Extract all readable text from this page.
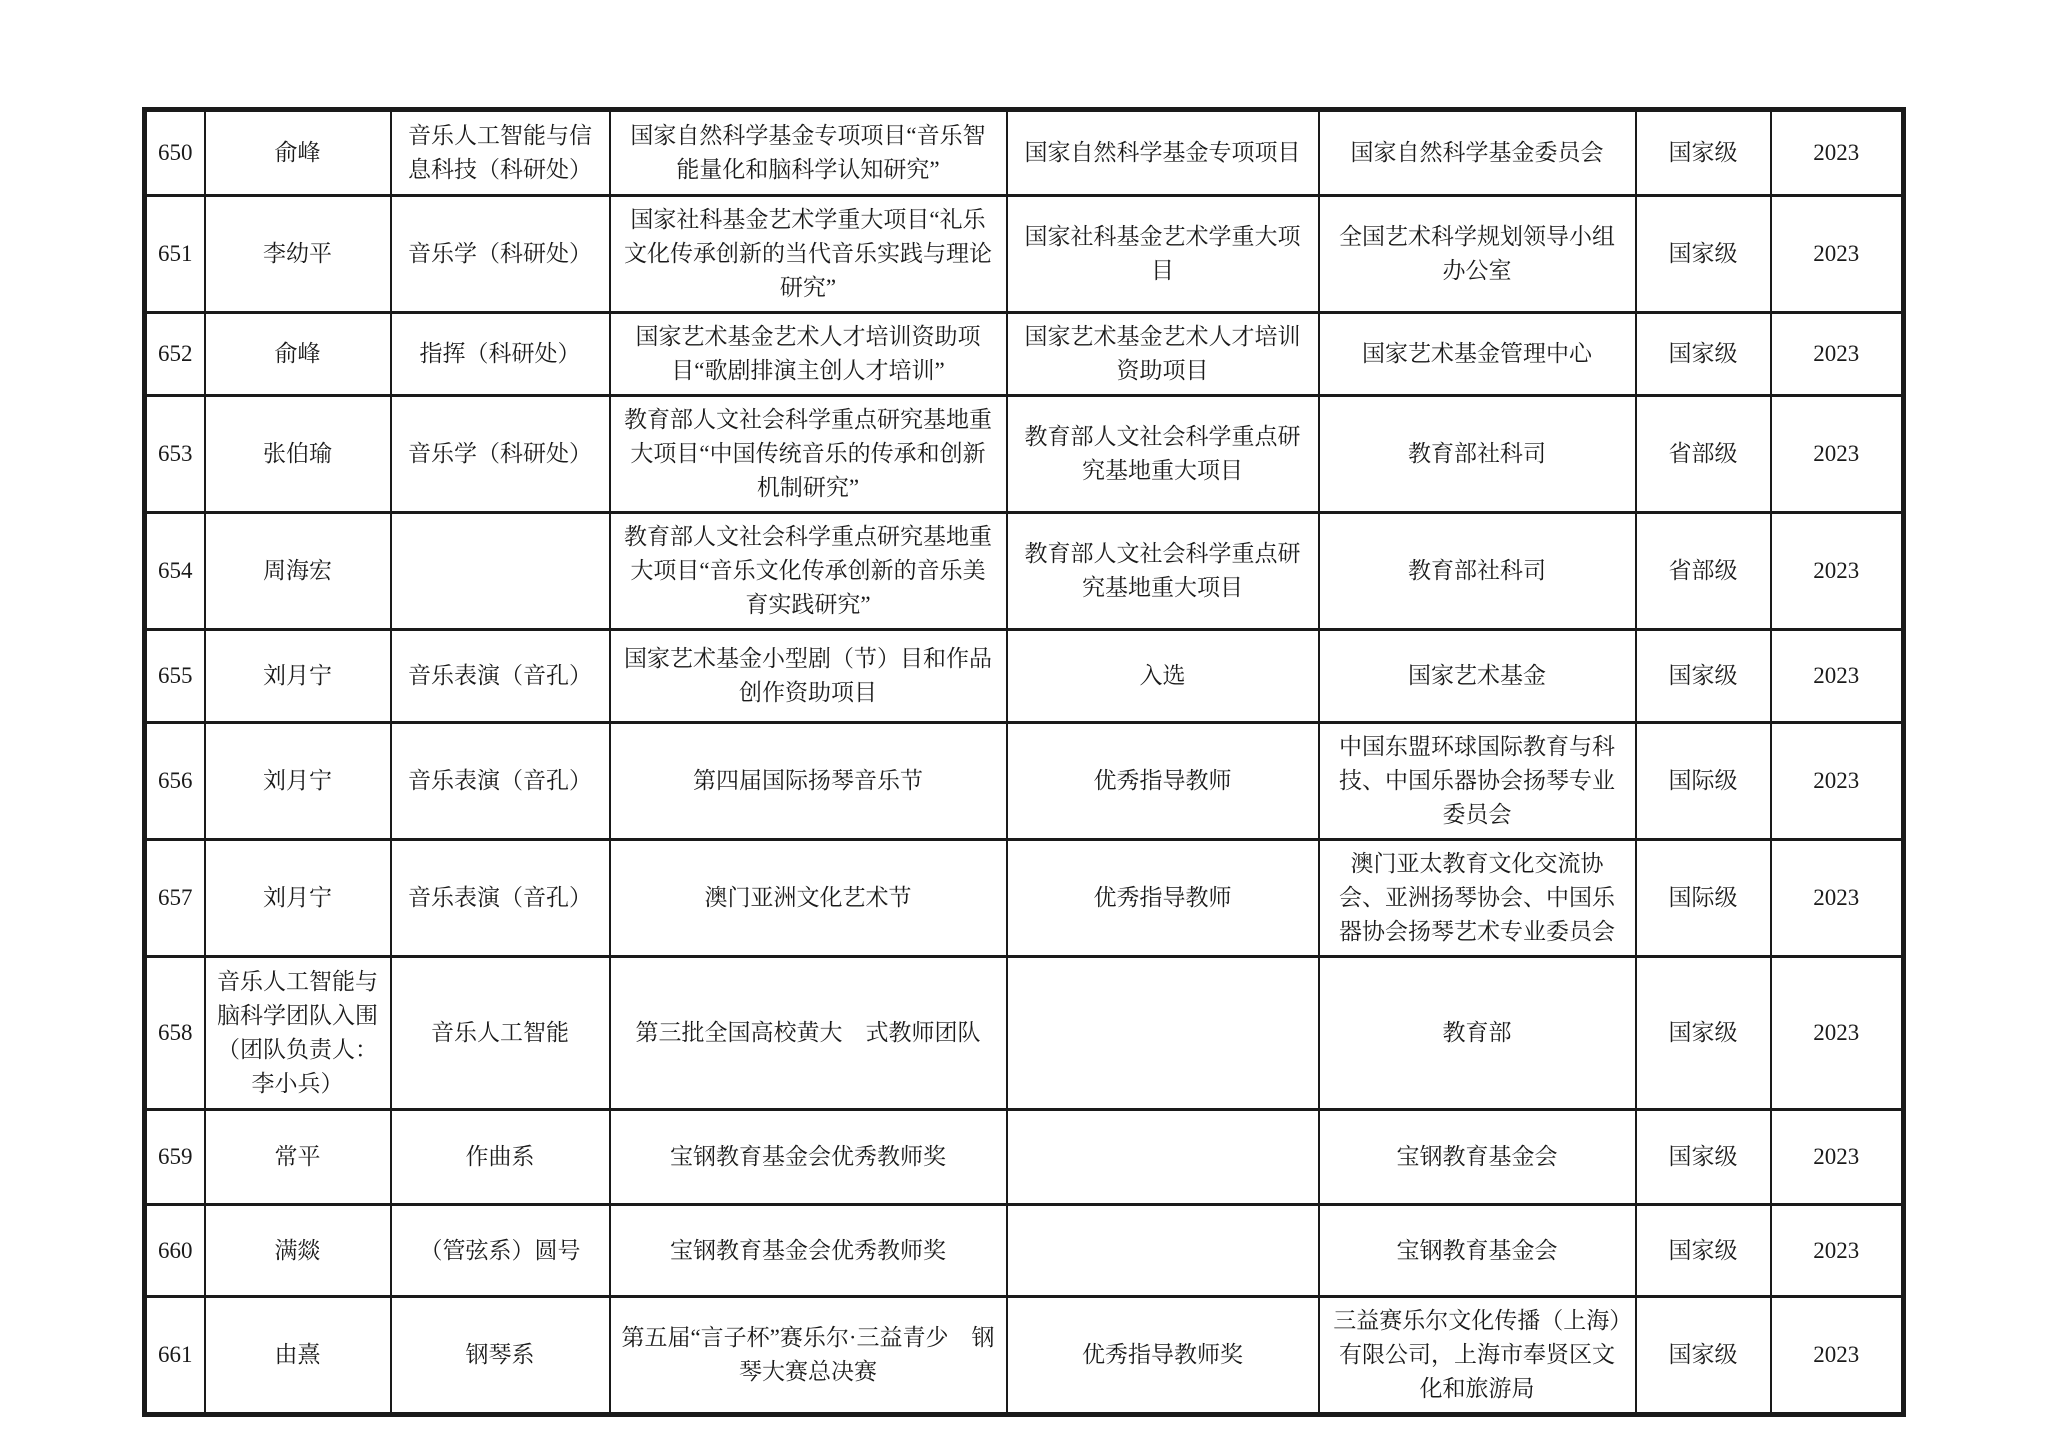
650	俞峰	音乐人工智能与信息科技（科研处）	国家自然科学基金专项项目“音乐智能量化和脑科学认知研究”	国家自然科学基金专项项目	国家自然科学基金委员会	国家级	2023
651	李幼平	音乐学（科研处）	国家社科基金艺术学重大项目“礼乐文化传承创新的当代音乐实践与理论研究”	国家社科基金艺术学重大项目	全国艺术科学规划领导小组办公室	国家级	2023
652	俞峰	指挥（科研处）	国家艺术基金艺术人才培训资助项目“歌剧排演主创人才培训”	国家艺术基金艺术人才培训资助项目	国家艺术基金管理中心	国家级	2023
653	张伯瑜	音乐学（科研处）	教育部人文社会科学重点研究基地重大项目“中国传统音乐的传承和创新机制研究”	教育部人文社会科学重点研究基地重大项目	教育部社科司	省部级	2023
654	周海宏		教育部人文社会科学重点研究基地重大项目“音乐文化传承创新的音乐美育实践研究”	教育部人文社会科学重点研究基地重大项目	教育部社科司	省部级	2023
655	刘月宁	音乐表演（音孔）	国家艺术基金小型剧（节）目和作品创作资助项目	入选	国家艺术基金	国家级	2023
656	刘月宁	音乐表演（音孔）	第四届国际扬琴音乐节	优秀指导教师	中国东盟环球国际教育与科技、中国乐器协会扬琴专业委员会	国际级	2023
657	刘月宁	音乐表演（音孔）	澳门亚洲文化艺术节	优秀指导教师	澳门亚太教育文化交流协会、亚洲扬琴协会、中国乐器协会扬琴艺术专业委员会	国际级	2023
658	音乐人工智能与脑科学团队入围（团队负责人：李小兵）	音乐人工智能	第三批全国高校黄大　式教师团队		教育部	国家级	2023
659	常平	作曲系	宝钢教育基金会优秀教师奖		宝钢教育基金会	国家级	2023
660	满燚	（管弦系）圆号	宝钢教育基金会优秀教师奖		宝钢教育基金会	国家级	2023
661	由熹	钢琴系	第五届“言子杯”赛乐尔·三益青少　钢琴大赛总决赛	优秀指导教师奖	三益赛乐尔文化传播（上海）有限公司，上海市奉贤区文化和旅游局	国家级	2023
